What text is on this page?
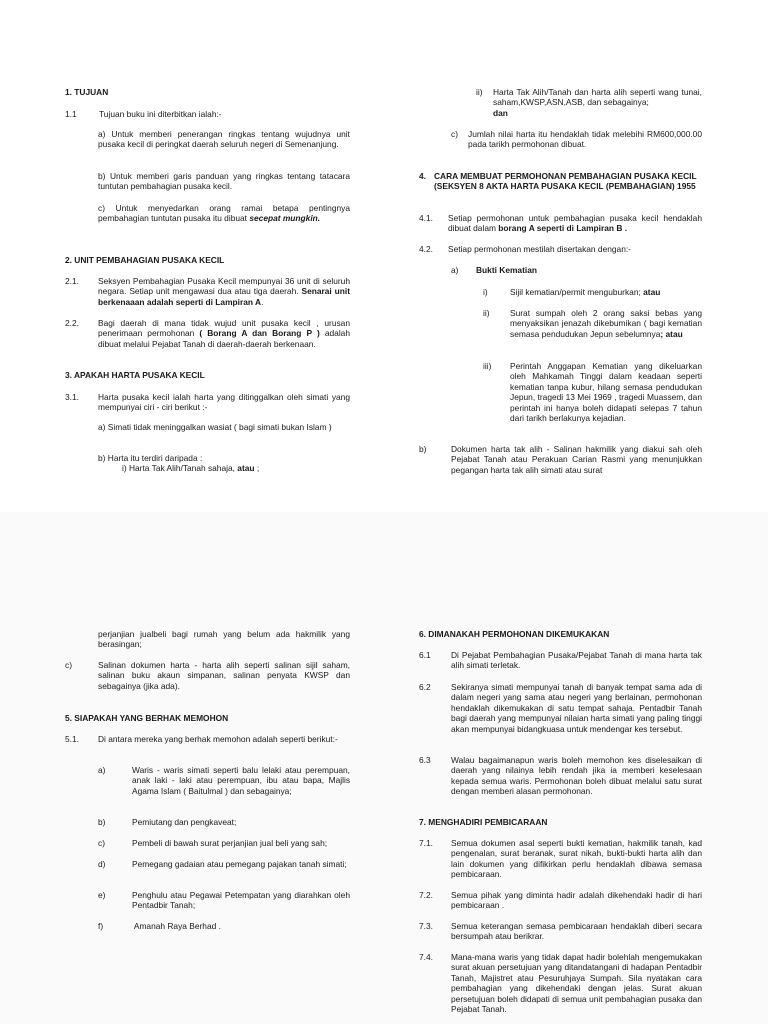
1. TUJUAN
1.1	Tujuan buku ini diterbitkan ialah:-
a) Untuk memberi penerangan ringkas tentang wujudnya unit pusaka kecil di peringkat daerah seluruh negeri di Semenanjung.
b) Untuk memberi garis panduan yang ringkas tentang tatacara tuntutan pembahagian pusaka kecil.
c) Untuk menyedarkan orang ramai betapa pentingnya pembahagian tuntutan pusaka itu dibuat secepat mungkin.
2. UNIT PEMBAHAGIAN PUSAKA KECIL
2.1. Seksyen Pembahagian Pusaka Kecil mempunyai 36 unit di seluruh negara. Setiap unit mengawasi dua atau tiga daerah. Senarai unit berkenaaan adalah seperti di Lampiran A.
2.2. Bagi daerah di mana tidak wujud unit pusaka kecil , urusan penerimaan permohonan ( Borang A dan Borang P ) adalah dibuat melalui Pejabat Tanah di daerah-daerah berkenaan.
3. APAKAH HARTA PUSAKA KECIL
3.1. Harta pusaka kecil ialah harta yang ditinggalkan oleh simati yang mempunyai ciri - ciri berikut :-
a) Simati tidak meninggalkan wasiat ( bagi simati bukan Islam )
b) Harta itu terdiri daripada :
i) Harta Tak Alih/Tanah sahaja, atau ;
ii) Harta Tak Alih/Tanah dan harta alih seperti wang tunai, saham,KWSP,ASN,ASB, dan sebagainya;
dan
c) Jumlah nilai harta itu hendaklah tidak melebihi RM600,000.00 pada tarikh permohonan dibuat.
4. CARA MEMBUAT PERMOHONAN PEMBAHAGIAN PUSAKA KECIL (SEKSYEN 8 AKTA HARTA PUSAKA KECIL (PEMBAHAGIAN) 1955
4.1. Setiap permohonan untuk pembahagian pusaka kecil hendaklah dibuat dalam borang A seperti di Lampiran B .
4.2. Setiap permohonan mestilah disertakan dengan:-
a) Bukti Kematian
i)	Sijil kematian/permit menguburkan; atau
ii) Surat sumpah oleh 2 orang saksi bebas yang menyaksikan jenazah dikebumikan ( bagi kematian semasa pendudukan Jepun sebelumnya; atau
iii) Perintah Anggapan Kematian yang dikeluarkan oleh Mahkamah Tinggi dalam keadaan seperti kematian tanpa kubur, hilang semasa pendudukan Jepun, tragedi 13 Mei 1969 , tragedi Muassem, dan perintah ini hanya boleh didapati selepas 7 tahun dari tarikh berlakunya kejadian.
b)	Dokumen harta tak alih - Salinan hakmilik yang diakui sah oleh Pejabat Tanah atau Perakuan Carian Rasmi yang menunjukkan pegangan harta tak alih simati atau surat
perjanjian jualbeli bagi rumah yang belum ada hakmilik yang berasingan;
c)	Salinan dokumen harta - harta alih seperti salinan sijil saham, salinan buku akaun simpanan, salinan penyata KWSP dan sebagainya (jika ada).
5. SIAPAKAH YANG BERHAK MEMOHON
5.1. Di antara mereka yang berhak memohon adalah seperti berikut:-
a)	Waris - waris simati seperti balu lelaki atau perempuan, anak laki - laki atau perempuan, ibu atau bapa, Majlis Agama Islam ( Baitulmal ) dan sebagainya;
b)	Pemiutang dan pengkaveat;
c)	Pembeli di bawah surat perjanjian jual beli yang sah;
d)	Pemegang gadaian atau pemegang pajakan tanah simati;
e)	Penghulu atau Pegawai Petempatan yang diarahkan oleh Pentadbir Tanah;
f)	Amanah Raya Berhad .
6. DIMANAKAH PERMOHONAN DIKEMUKAKAN
6.1 Di Pejabat Pembahagian Pusaka/Pejabat Tanah di mana harta tak alih simati terletak.
6.2 Sekiranya simati mempunyai tanah di banyak tempat sama ada di dalam negeri yang sama atau negeri yang berlainan, permohonan hendaklah dikemukakan di satu tempat sahaja. Pentadbir Tanah bagi daerah yang mempunyai nilaian harta simati yang paling tinggi akan mempunyai bidangkuasa untuk mendengar kes tersebut.
6.3 Walau bagaimanapun waris boleh memohon kes diselesaikan di daerah yang nilainya lebih rendah jika ia memberi keselesaan kepada semua waris. Permohonan boleh dibuat melalui satu surat dengan memberi alasan permohonan.
7. MENGHADIRI PEMBICARAAN
7.1. Semua dokumen asal seperti bukti kematian, hakmilik tanah, kad pengenalan, surat beranak, surat nikah, bukti-bukti harta alih dan lain dokumen yang difikirkan perlu hendaklah dibawa semasa pembicaraan.
7.2. Semua pihak yang diminta hadir adalah dikehendaki hadir di hari pembicaraan .
7.3. Semua keterangan semasa pembicaraan hendaklah diberi secara bersumpah atau berikrar.
7.4. Mana-mana waris yang tidak dapat hadir bolehlah mengemukakan surat akuan persetujuan yang ditandatangani di hadapan Pentadbir Tanah, Majistret atau Pesuruhjaya Sumpah. Sila nyatakan cara pembahagian yang dikehendaki dengan jelas. Surat akuan persetujuan boleh didapati di semua unit pembahagian pusaka dan Pejabat Tanah.
